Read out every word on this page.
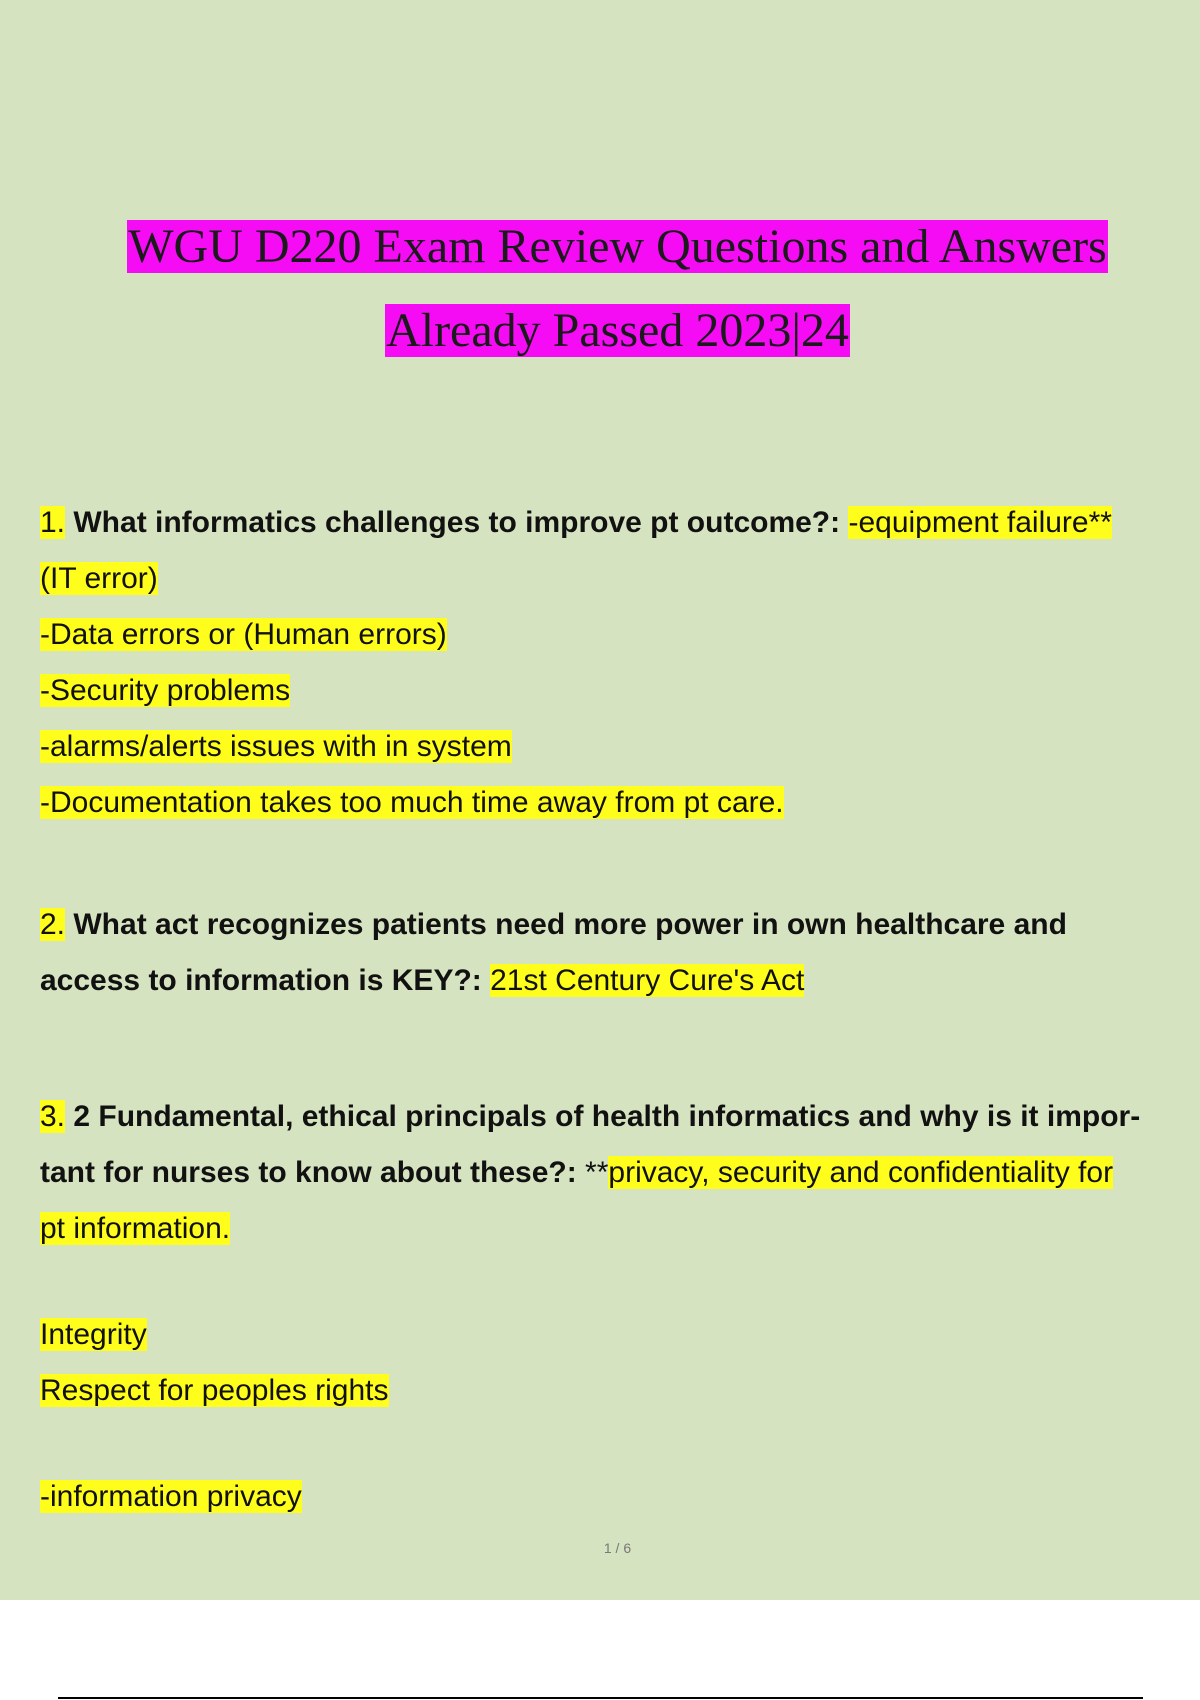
WGU D220 Exam Review Questions and Answers
Already Passed 2023|24
1. What informatics challenges to improve pt outcome?: -equipment failure**
(IT error)
-Data errors or (Human errors)
-Security problems
-alarms/alerts issues with in system
-Documentation takes too much time away from pt care.
2. What act recognizes patients need more power in own healthcare and
access to information is KEY?: 21st Century Cure's Act
3. 2 Fundamental, ethical principals of health informatics and why is it impor-
tant for nurses to know about these?: **privacy, security and confidentiality for
pt information.
Integrity
Respect for peoples rights
-information privacy
1 / 6
